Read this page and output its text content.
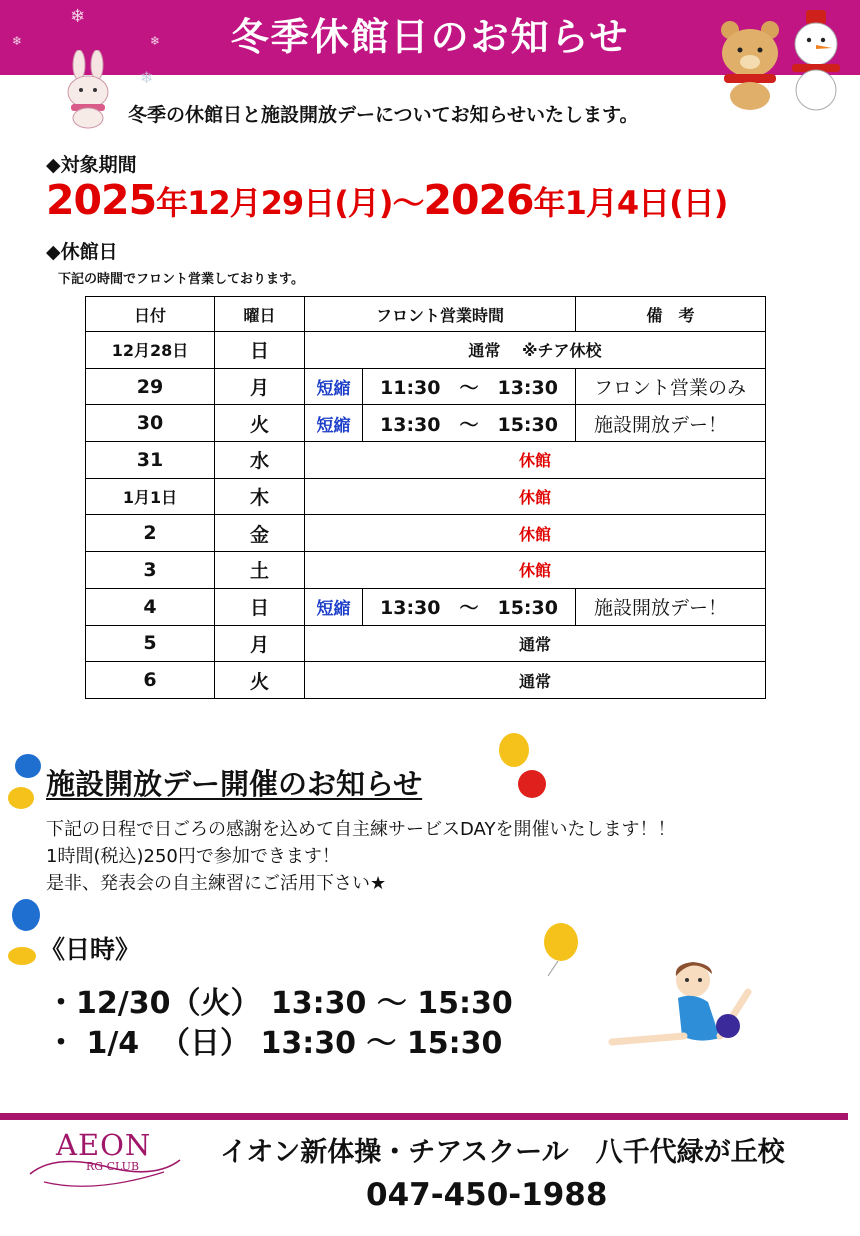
❄
❄	❄
❄
冬季休館日のお知らせ
冬季の休館日と施設開放デーについてお知らせいたします。
◆対象期間
2025年12月29日(月)～2026年1月4日(日)
◆休館日
下記の時間でフロント営業しております。
日付	曜日	フロント営業時間		備　考
12月28日	日	通常　 ※チア休校		
29	月	短縮	11:30　～　13:30	フロント営業のみ
30	火	短縮	13:30　～　15:30	施設開放デー！
31	水	休館		
1月1日	木	休館		
2	金	休館		
3	土	休館		
4	日	短縮	13:30　～　15:30	施設開放デー！
5	月	通常		
6	火	通常		
施設開放デー開催のお知らせ
下記の日程で日ごろの感謝を込めて自主練サービスDAYを開催いたします！！
1時間(税込)250円で参加できます！
是非、発表会の自主練習にご活用下さい★
《日時》
・12/30（火） 13:30 ～ 15:30
・ 1/4  （日） 13:30 ～ 15:30
AEON
RG CLUB	イオン新体操・チアスクール　八千代緑が丘校
047-450-1988
